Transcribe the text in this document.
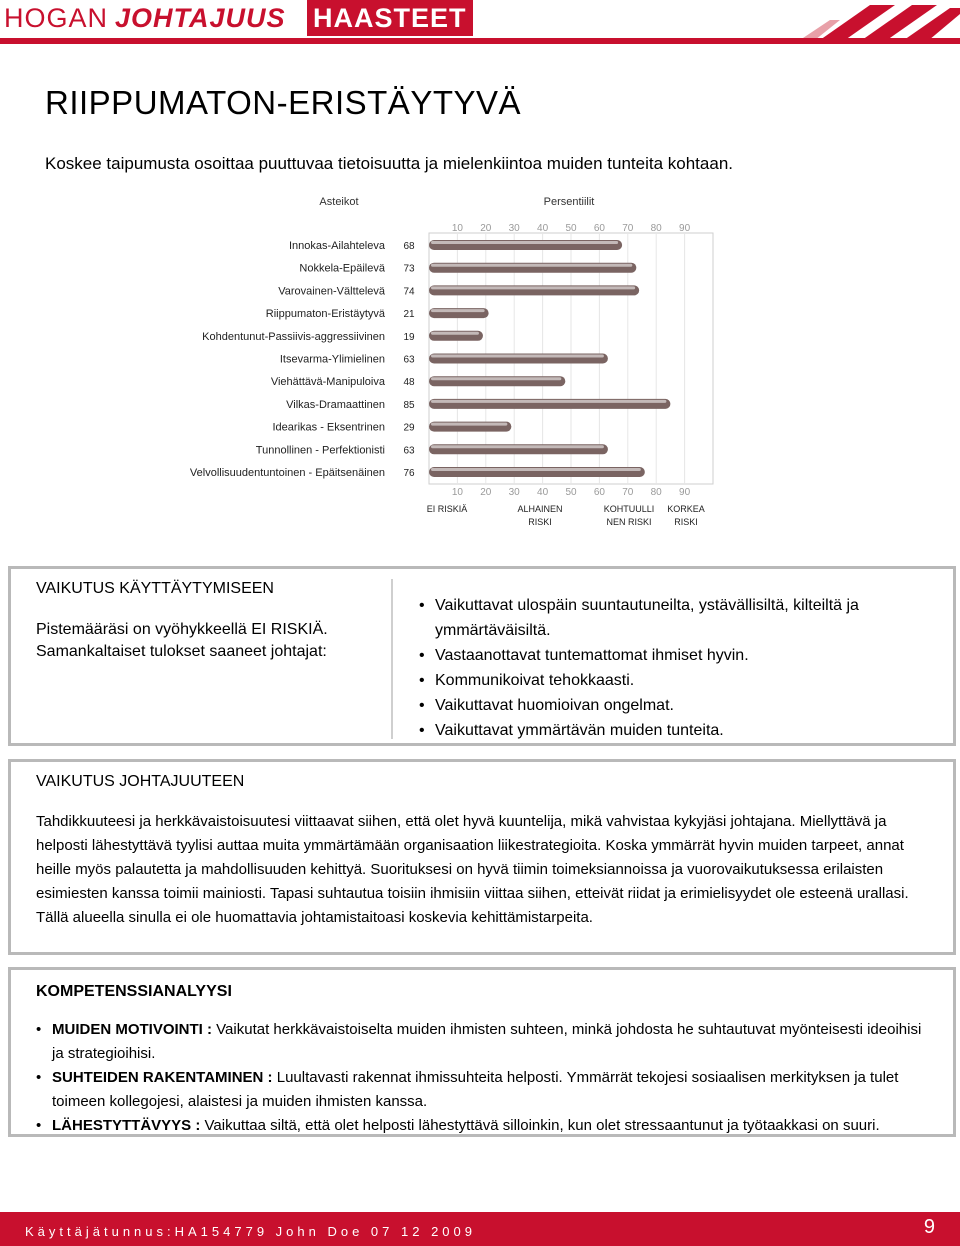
HOGAN JOHTAJUUS HAASTEET
RIIPPUMATON-ERISTÄYTYVÄ
Koskee taipumusta osoittaa puuttuvaa tietoisuutta ja mielenkiintoa muiden tunteita kohtaan.
Asteikot	Persentiilit
10 20 30 40 50 60 70 80 90
10 20 30 40 50 60 70 80 90
Innokas-Ailahteleva 68
Nokkela-Epäilevä 73
Varovainen-Välttelevä 74
Riippumaton-Eristäytyvä 21
Kohdentunut-Passiivis-aggressiivinen 19
Itsevarma-Ylimielinen 63
Viehättävä-Manipuloiva 48
Vilkas-Dramaattinen 85
Idearikas - Eksentrinen 29
Tunnollinen - Perfektionisti 63
Velvollisuudentuntoinen - Epäitsenäinen 76
EI RISKIÄ	ALHAINEN
RISKI
KOHTUULLI
NEN RISKI
KORKEA
RISKI
VAIKUTUS KÄYTTÄYTYMISEEN
Pistemääräsi on vyöhykkeellä EI RISKIÄ.
Samankaltaiset tulokset saaneet johtajat:
• Vaikuttavat ulospäin suuntautuneilta, ystävällisiltä, kilteiltä ja ymmärtäväisiltä.
• Vastaanottavat tuntemattomat ihmiset hyvin.
• Kommunikoivat tehokkaasti.
• Vaikuttavat huomioivan ongelmat.
• Vaikuttavat ymmärtävän muiden tunteita.
VAIKUTUS JOHTAJUUTEEN
Tahdikkuuteesi ja herkkävaistoisuutesi viittaavat siihen, että olet hyvä kuuntelija, mikä vahvistaa kykyjäsi johtajana. Miellyttävä ja helposti lähestyttävä tyylisi auttaa muita ymmärtämään organisaation liikestrategioita. Koska ymmärrät hyvin muiden tarpeet, annat heille myös palautetta ja mahdollisuuden kehittyä. Suorituksesi on hyvä tiimin toimeksiannoissa ja vuorovaikutuksessa erilaisten esimiesten kanssa toimii mainiosti. Tapasi suhtautua toisiin ihmisiin viittaa siihen, etteivät riidat ja erimielisyydet ole esteenä urallasi. Tällä alueella sinulla ei ole huomattavia johtamistaitoasi koskevia kehittämistarpeita.
KOMPETENSSIANALYYSI
• MUIDEN MOTIVOINTI : Vaikutat herkkävaistoiselta muiden ihmisten suhteen, minkä johdosta he suhtautuvat myönteisesti ideoihisi ja strategioihisi.
• SUHTEIDEN RAKENTAMINEN : Luultavasti rakennat ihmissuhteita helposti. Ymmärrät tekojesi sosiaalisen merkityksen ja tulet toimeen kollegojesi, alaistesi ja muiden ihmisten kanssa.
• LÄHESTYTTÄVYYS : Vaikuttaa siltä, että olet helposti lähestyttävä silloinkin, kun olet stressaantunut ja työtaakkasi on suuri.
Käyttäjätunnus:HA154779 John Doe 07 12 2009	9
